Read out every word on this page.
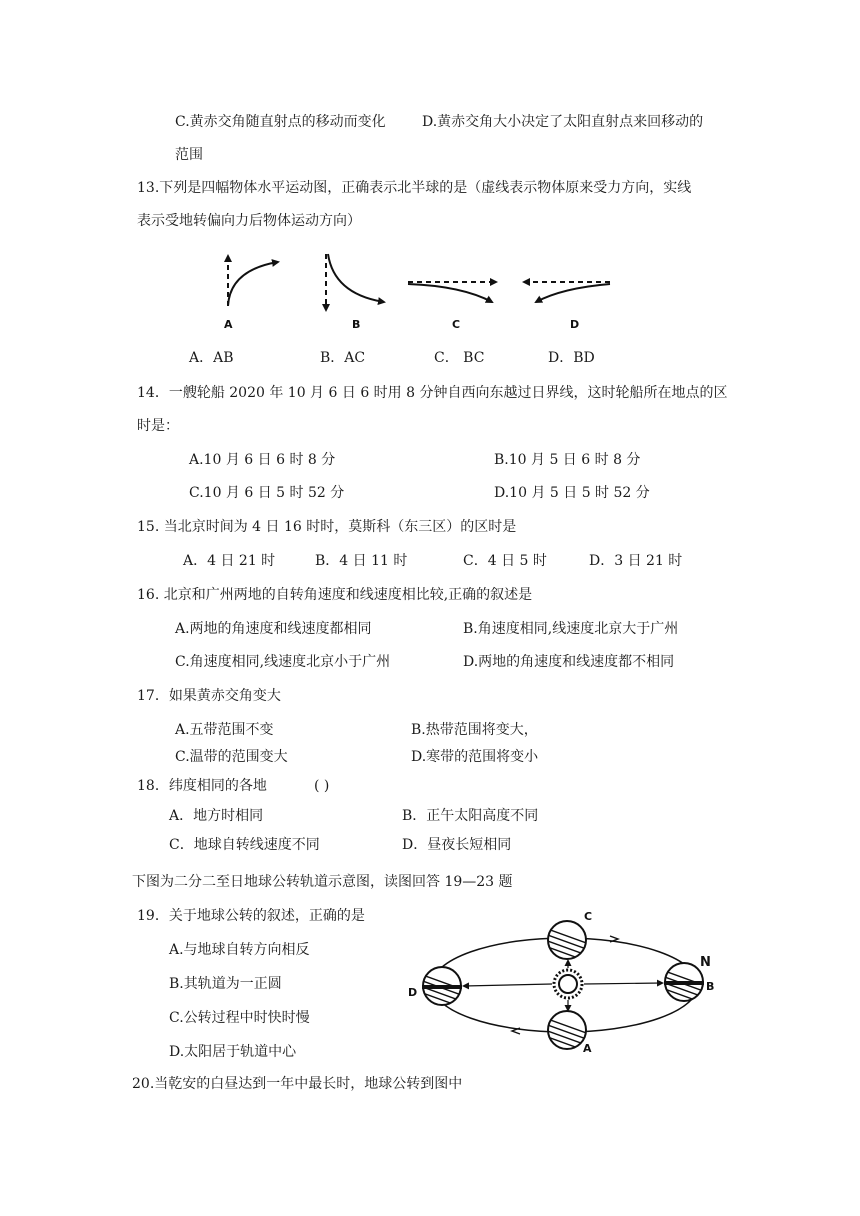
C.黄赤交角随直射点的移动而变化	D.黄赤交角大小决定了太阳直射点来回移动的
范围
13.下列是四幅物体水平运动图，正确表示北半球的是（虚线表示物体原来受力方向，实线
表示受地转偏向力后物体运动方向）
A	B	C	D
A．AB	B．AC	C． BC	D．BD
14．一艘轮船 2020 年 10 月 6 日 6 时用 8 分钟自西向东越过日界线，这时轮船所在地点的区
时是：
A.10 月 6 日 6 时 8 分	B.10 月 5 日 6 时 8 分
C.10 月 6 日 5 时 52 分	D.10 月 5 日 5 时 52 分
15. 当北京时间为 4 日 16 时时，莫斯科（东三区）的区时是
A．4 日 21 时	B．4 日 11 时	C．4 日 5 时	D．3 日 21 时
16. 北京和广州两地的自转角速度和线速度相比较,正确的叙述是
A.两地的角速度和线速度都相同	B.角速度相同,线速度北京大于广州
C.角速度相同,线速度北京小于广州	D.两地的角速度和线速度都不相同
17．如果黄赤交角变大
A.五带范围不变	B.热带范围将变大，
C.温带的范围变大	D.寒带的范围将变小
18．纬度相同的各地	( )
A．地方时相同	B．正午太阳高度不同
C．地球自转线速度不同	D．昼夜长短相同
下图为二分二至日地球公转轨道示意图，读图回答 19—23 题
19．关于地球公转的叙述，正确的是
A.与地球自转方向相反
B.其轨道为一正圆
C.公转过程中时快时慢
D.太阳居于轨道中心
D
C
B
A
N
20.当乾安的白昼达到一年中最长时，地球公转到图中
